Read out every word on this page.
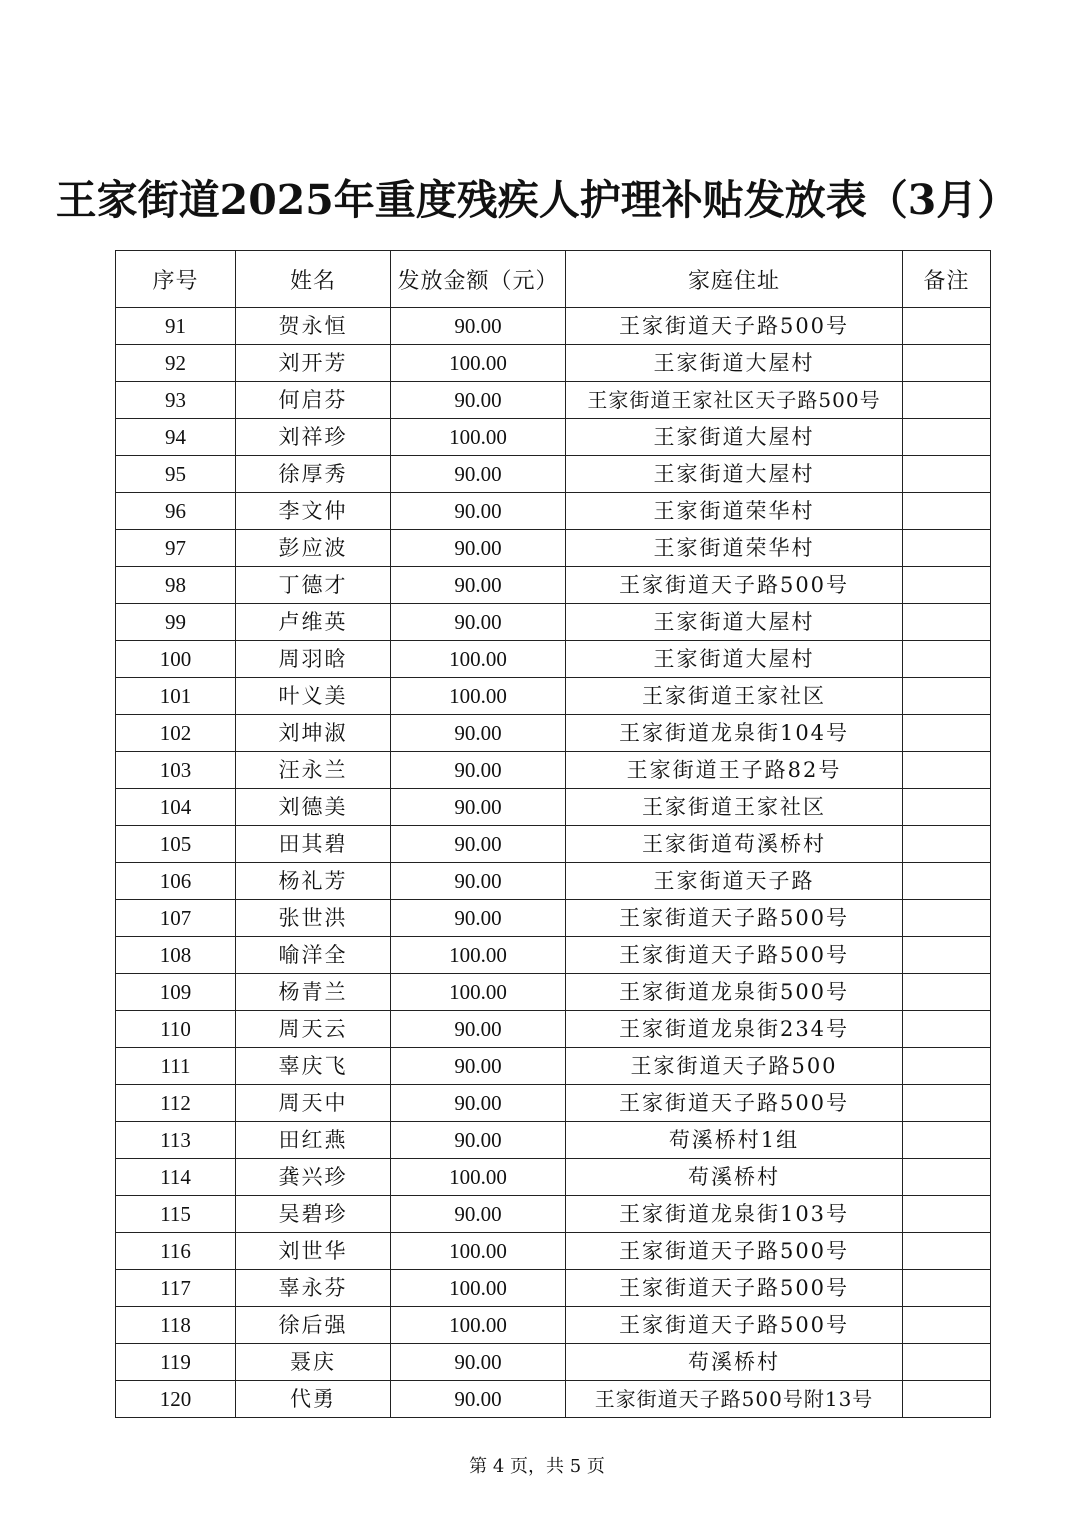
王家街道2025年重度残疾人护理补贴发放表（3月）
序号	姓名	发放金额（元）	家庭住址	备注
91	贺永恒	90.00	王家街道天子路500号	
92	刘开芳	100.00	王家街道大屋村	
93	何启芬	90.00	王家街道王家社区天子路500号	
94	刘祥珍	100.00	王家街道大屋村	
95	徐厚秀	90.00	王家街道大屋村	
96	李文仲	90.00	王家街道荣华村	
97	彭应波	90.00	王家街道荣华村	
98	丁德才	90.00	王家街道天子路500号	
99	卢维英	90.00	王家街道大屋村	
100	周羽晗	100.00	王家街道大屋村	
101	叶义美	100.00	王家街道王家社区	
102	刘坤淑	90.00	王家街道龙泉街104号	
103	汪永兰	90.00	王家街道王子路82号	
104	刘德美	90.00	王家街道王家社区	
105	田其碧	90.00	王家街道苟溪桥村	
106	杨礼芳	90.00	王家街道天子路	
107	张世洪	90.00	王家街道天子路500号	
108	喻洋全	100.00	王家街道天子路500号	
109	杨青兰	100.00	王家街道龙泉街500号	
110	周天云	90.00	王家街道龙泉街234号	
111	辜庆飞	90.00	王家街道天子路500	
112	周天中	90.00	王家街道天子路500号	
113	田红燕	90.00	苟溪桥村1组	
114	龚兴珍	100.00	苟溪桥村	
115	吴碧珍	90.00	王家街道龙泉街103号	
116	刘世华	100.00	王家街道天子路500号	
117	辜永芬	100.00	王家街道天子路500号	
118	徐后强	100.00	王家街道天子路500号	
119	聂庆	90.00	苟溪桥村	
120	代勇	90.00	王家街道天子路500号附13号	
第 4 页，共 5 页
